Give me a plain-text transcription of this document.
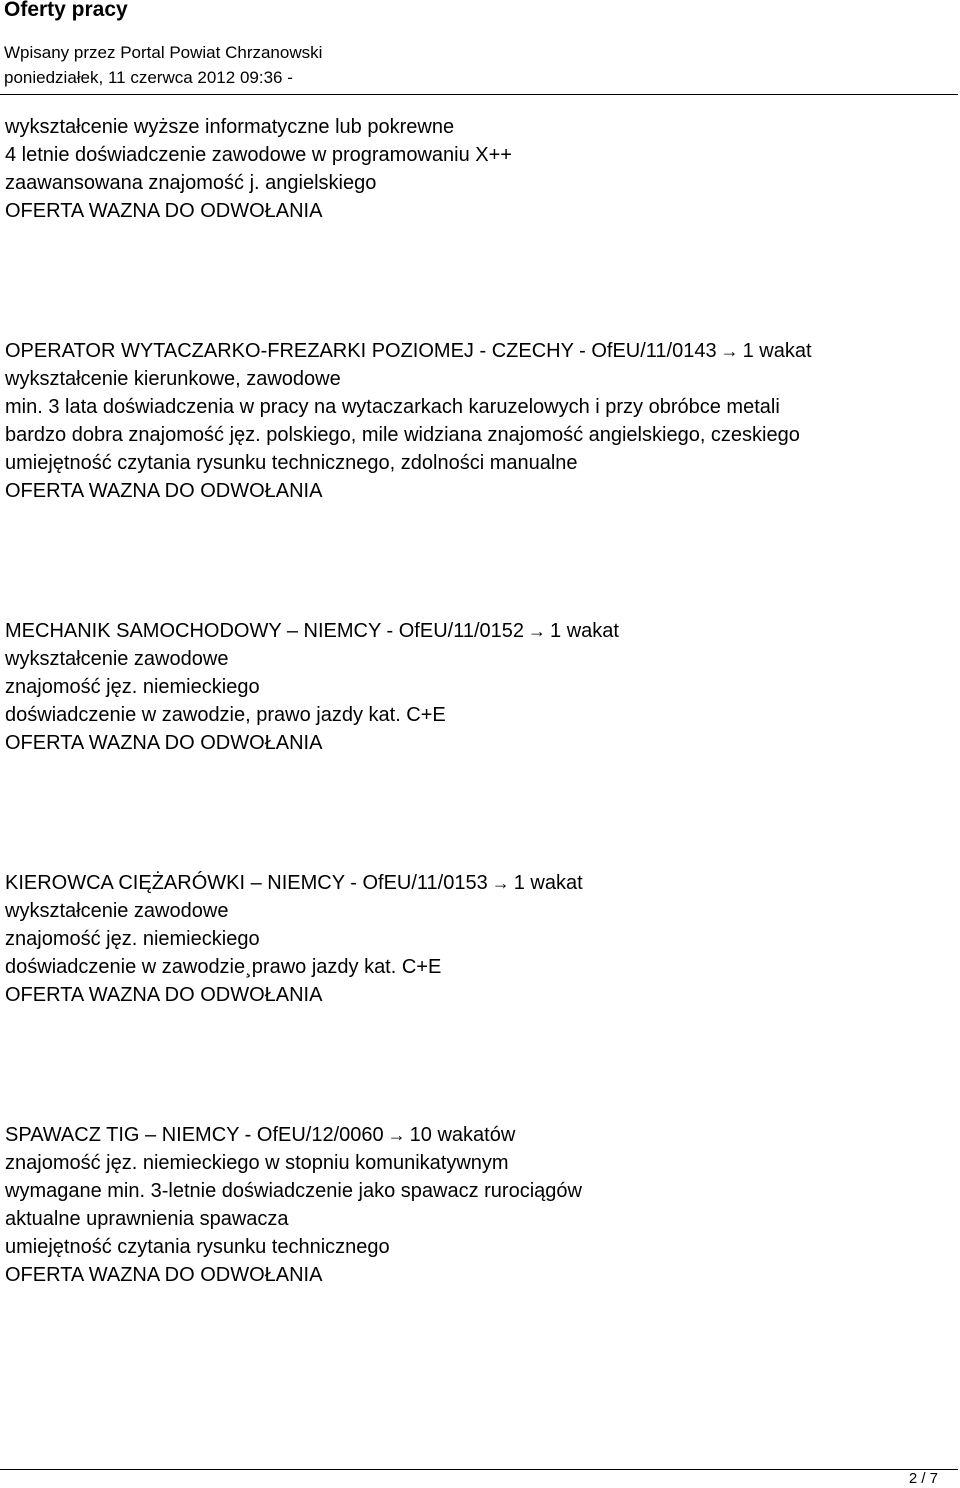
Oferty pracy
Wpisany przez Portal Powiat Chrzanowski
poniedziałek, 11 czerwca 2012 09:36 -
wykształcenie wyższe informatyczne lub pokrewne
4 letnie doświadczenie zawodowe w programowaniu X++
zaawansowana znajomość j. angielskiego
OFERTA WAZNA DO ODWOŁANIA
OPERATOR WYTACZARKO-FREZARKI POZIOMEJ - CZECHY - OfEU/11/0143 → 1 wakat
wykształcenie kierunkowe, zawodowe
min. 3 lata doświadczenia w pracy na wytaczarkach karuzelowych i przy obróbce metali
bardzo dobra znajomość jęz. polskiego, mile widziana znajomość angielskiego, czeskiego
umiejętność czytania rysunku technicznego, zdolności manualne
OFERTA WAZNA DO ODWOŁANIA
MECHANIK SAMOCHODOWY – NIEMCY - OfEU/11/0152 → 1 wakat
wykształcenie zawodowe
znajomość jęz. niemieckiego
doświadczenie w zawodzie, prawo jazdy kat. C+E
OFERTA WAZNA DO ODWOŁANIA
KIEROWCA CIĘŻARÓWKI – NIEMCY - OfEU/11/0153 → 1 wakat
wykształcenie zawodowe
znajomość jęz. niemieckiego
doświadczenie w zawodzie¸prawo jazdy kat. C+E
OFERTA WAZNA DO ODWOŁANIA
SPAWACZ TIG – NIEMCY - OfEU/12/0060 → 10 wakatów
znajomość jęz. niemieckiego w stopniu komunikatywnym
wymagane min. 3-letnie doświadczenie jako spawacz rurociągów
aktualne uprawnienia spawacza
umiejętność czytania rysunku technicznego
OFERTA WAZNA DO ODWOŁANIA
2 / 7
